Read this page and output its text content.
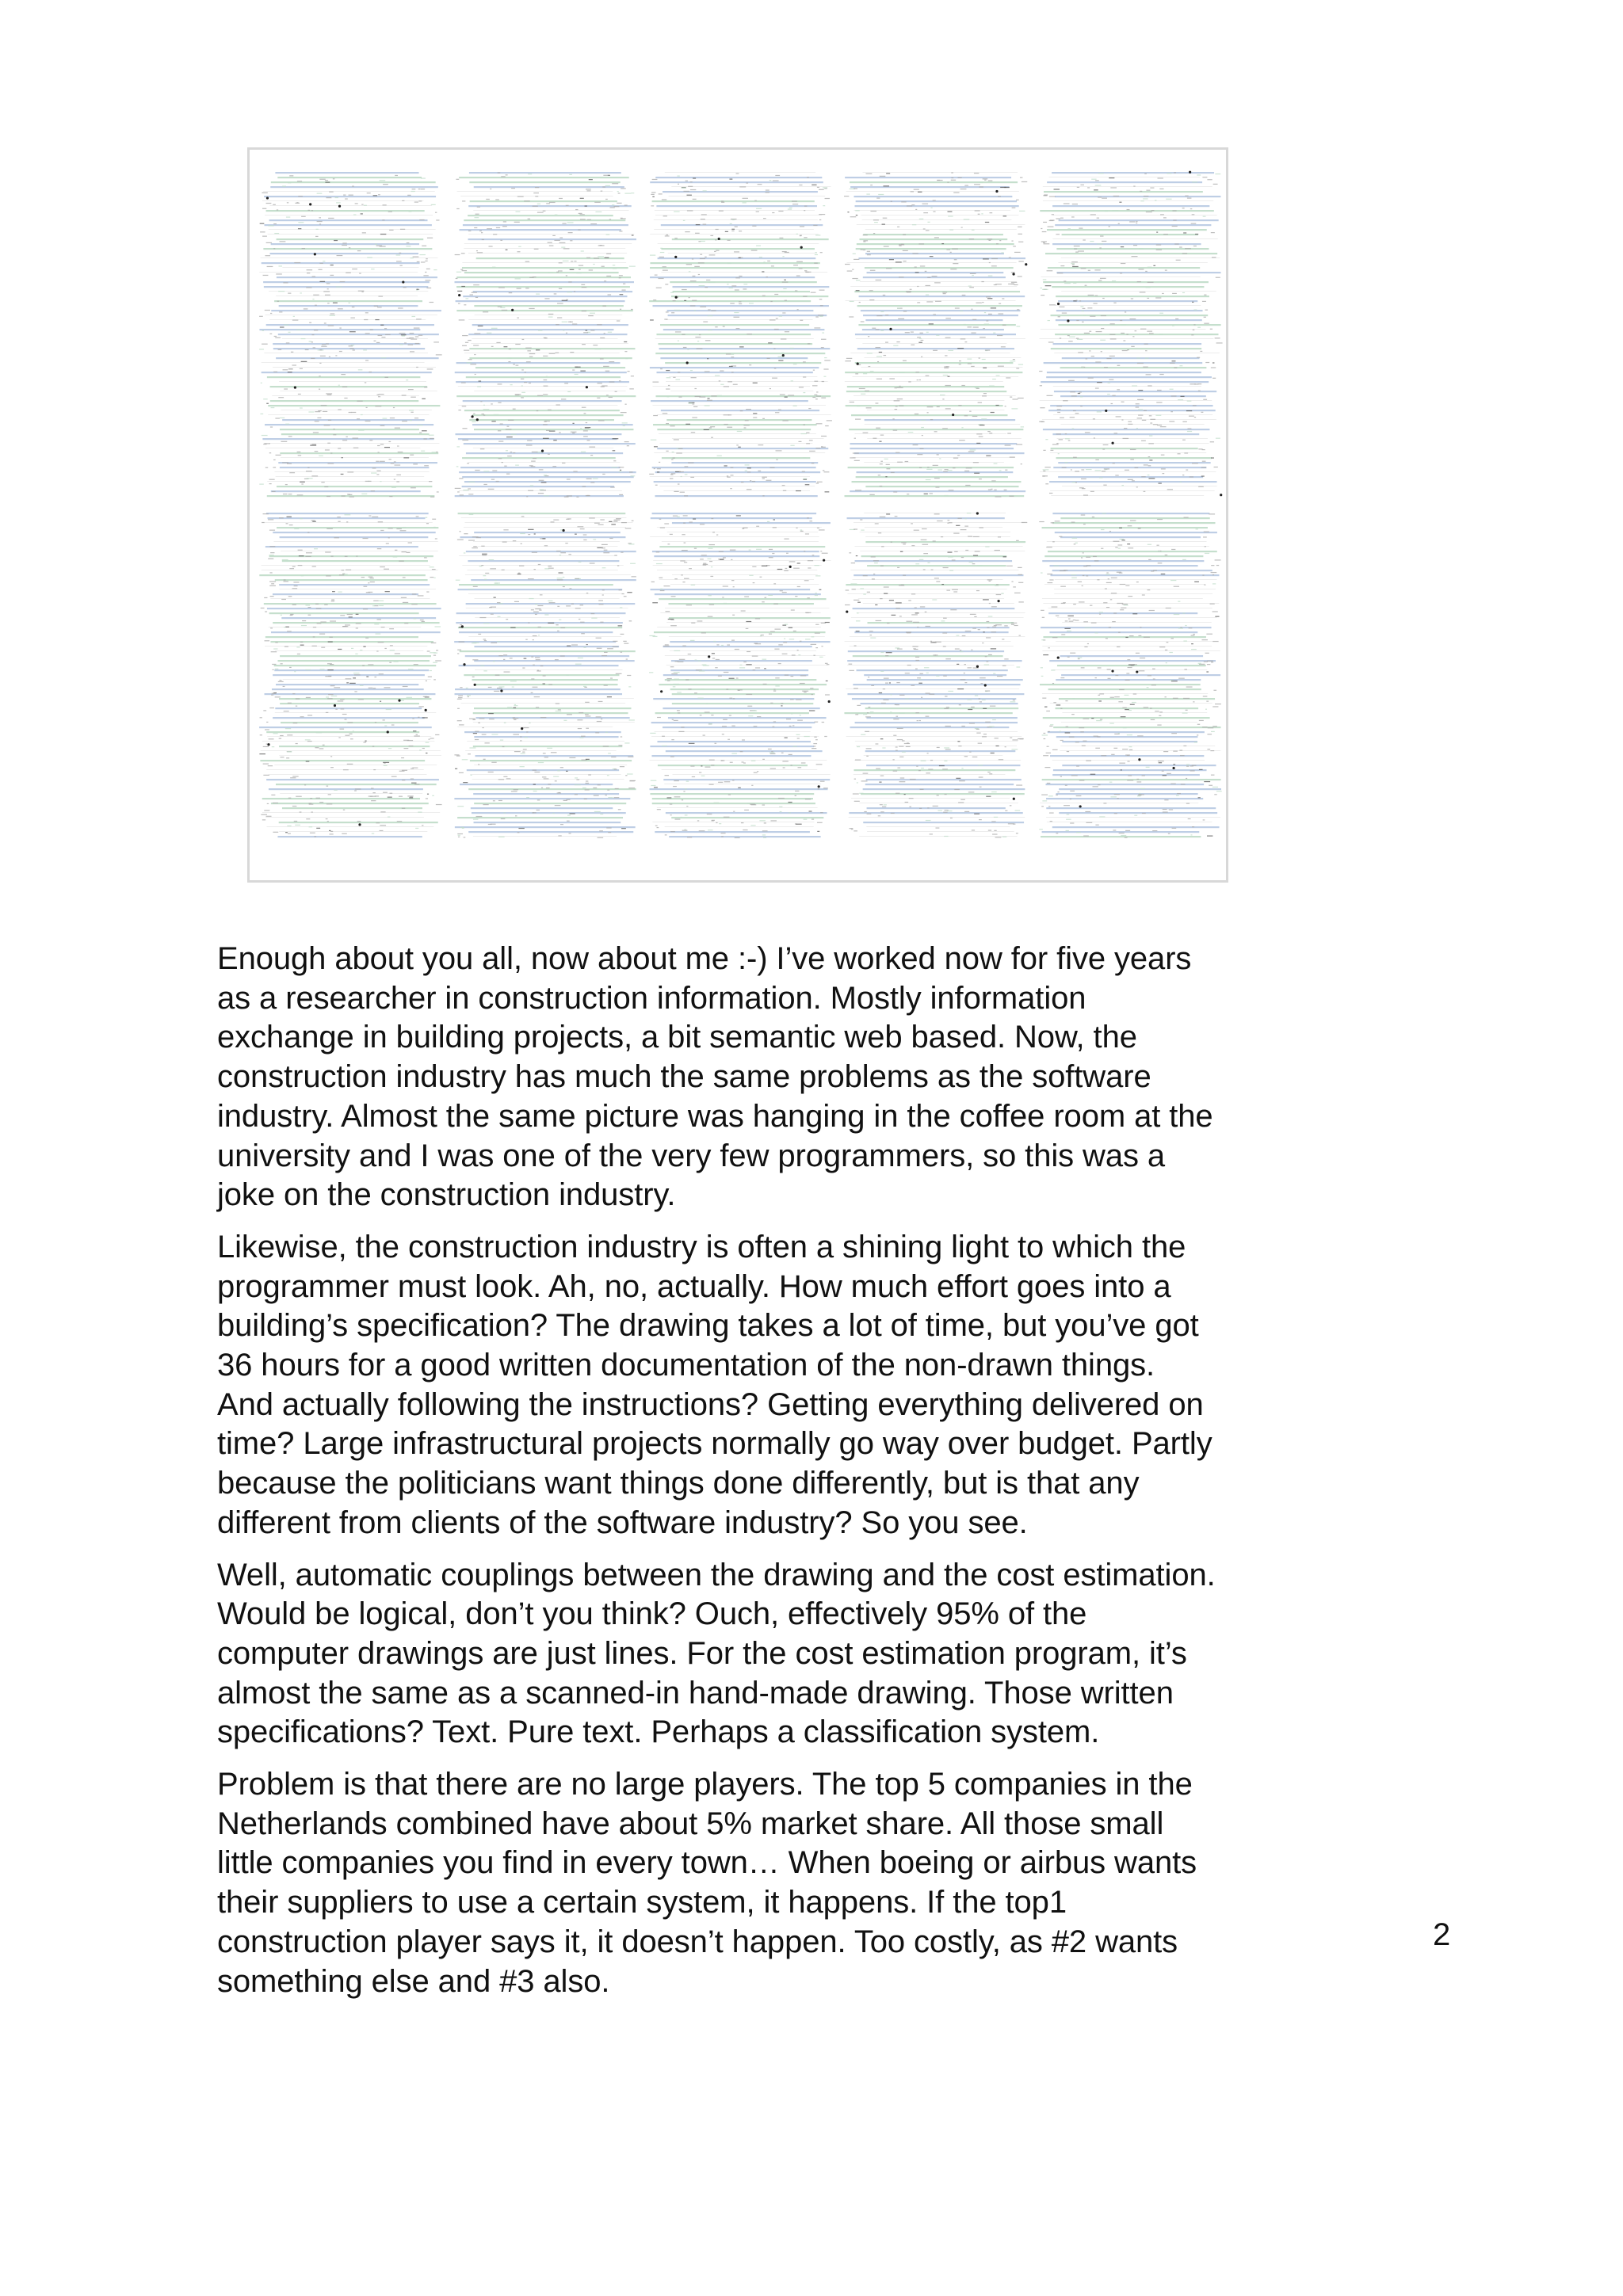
Enough about you all, now about me :-) I’ve worked now for five years
as a researcher in construction information. Mostly information
exchange in building projects, a bit semantic web based. Now, the
construction industry has much the same problems as the software
industry. Almost the same picture was hanging in the coffee room at the
university and I was one of the very few programmers, so this was a
joke on the construction industry.

Likewise, the construction industry is often a shining light to which the
programmer must look. Ah, no, actually. How much effort goes into a
building’s specification? The drawing takes a lot of time, but you’ve got
36 hours for a good written documentation of the non-drawn things.
And actually following the instructions? Getting everything delivered on
time? Large infrastructural projects normally go way over budget. Partly
because the politicians want things done differently, but is that any
different from clients of the software industry? So you see.

Well, automatic couplings between the drawing and the cost estimation.
Would be logical, don’t you think? Ouch, effectively 95% of the
computer drawings are just lines. For the cost estimation program, it’s
almost the same as a scanned-in hand-made drawing. Those written
specifications? Text. Pure text. Perhaps a classification system.

Problem is that there are no large players. The top 5 companies in the
Netherlands combined have about 5% market share. All those small
little companies you find in every town… When boeing or airbus wants
their suppliers to use a certain system, it happens. If the top1
construction player says it, it doesn’t happen. Too costly, as #2 wants
something else and #3 also.

2
